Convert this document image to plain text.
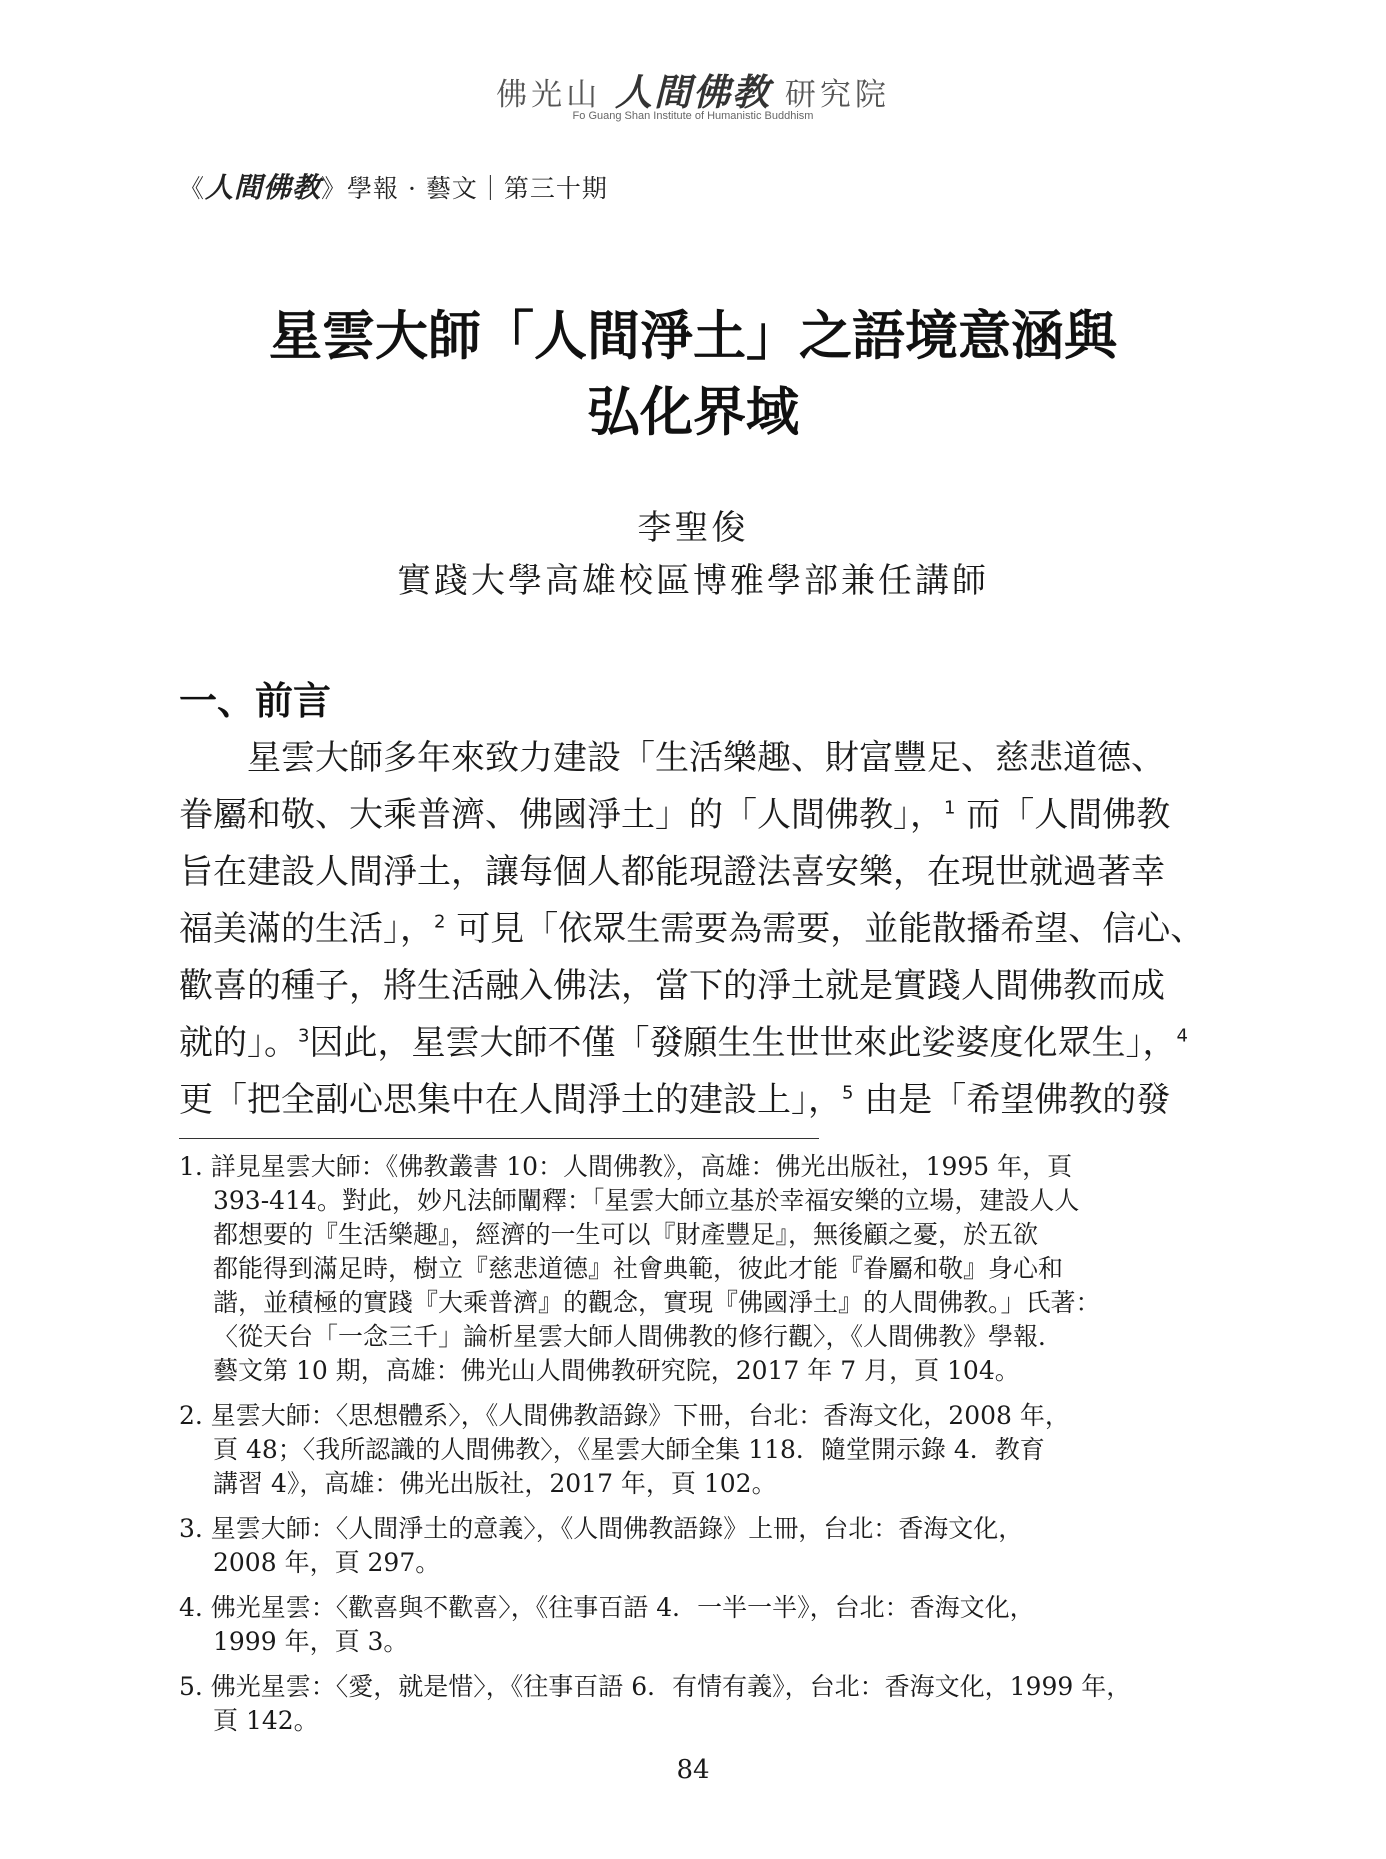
佛光山 人間佛教 研究院
Fo Guang Shan Institute of Humanistic Buddhism
《人間佛教》學報 · 藝文｜第三十期
星雲大師「人間淨土」之語境意涵與
弘化界域
李聖俊
實踐大學高雄校區博雅學部兼任講師
一、前言
星雲大師多年來致力建設「生活樂趣、財富豐足、慈悲道德、
眷屬和敬、大乘普濟、佛國淨土」的「人間佛教」，$^1$ 而「人間佛教
旨在建設人間淨土，讓每個人都能現證法喜安樂，在現世就過著幸
福美滿的生活」，$^2$ 可見「依眾生需要為需要，並能散播希望、信心、
歡喜的種子，將生活融入佛法，當下的淨土就是實踐人間佛教而成
就的」。$^3$因此，星雲大師不僅「發願生生世世來此娑婆度化眾生」，$^4$
更「把全副心思集中在人間淨土的建設上」，$^5$ 由是「希望佛教的發
1. 詳見星雲大師：《佛教叢書 10：人間佛教》，高雄：佛光出版社，1995 年，頁
393-414。對此，妙凡法師闡釋：「星雲大師立基於幸福安樂的立場，建設人人
都想要的『生活樂趣』，經濟的一生可以『財產豐足』，無後顧之憂，於五欲
都能得到滿足時，樹立『慈悲道德』社會典範，彼此才能『眷屬和敬』身心和
諧，並積極的實踐『大乘普濟』的觀念，實現『佛國淨土』的人間佛教。」氏著：
〈從天台「一念三千」論析星雲大師人間佛教的修行觀〉，《人間佛教》學報．
藝文第 10 期，高雄：佛光山人間佛教研究院，2017 年 7 月，頁 104。
2. 星雲大師：〈思想體系〉，《人間佛教語錄》下冊，台北：香海文化，2008 年，
頁 48；〈我所認識的人間佛教〉，《星雲大師全集 118．隨堂開示錄 4．教育
講習 4》，高雄：佛光出版社，2017 年，頁 102。
3. 星雲大師：〈人間淨土的意義〉，《人間佛教語錄》上冊，台北：香海文化，
2008 年，頁 297。
4. 佛光星雲：〈歡喜與不歡喜〉，《往事百語 4．一半一半》，台北：香海文化，
1999 年，頁 3。
5. 佛光星雲：〈愛，就是惜〉，《往事百語 6．有情有義》，台北：香海文化，1999 年，
頁 142。
84
